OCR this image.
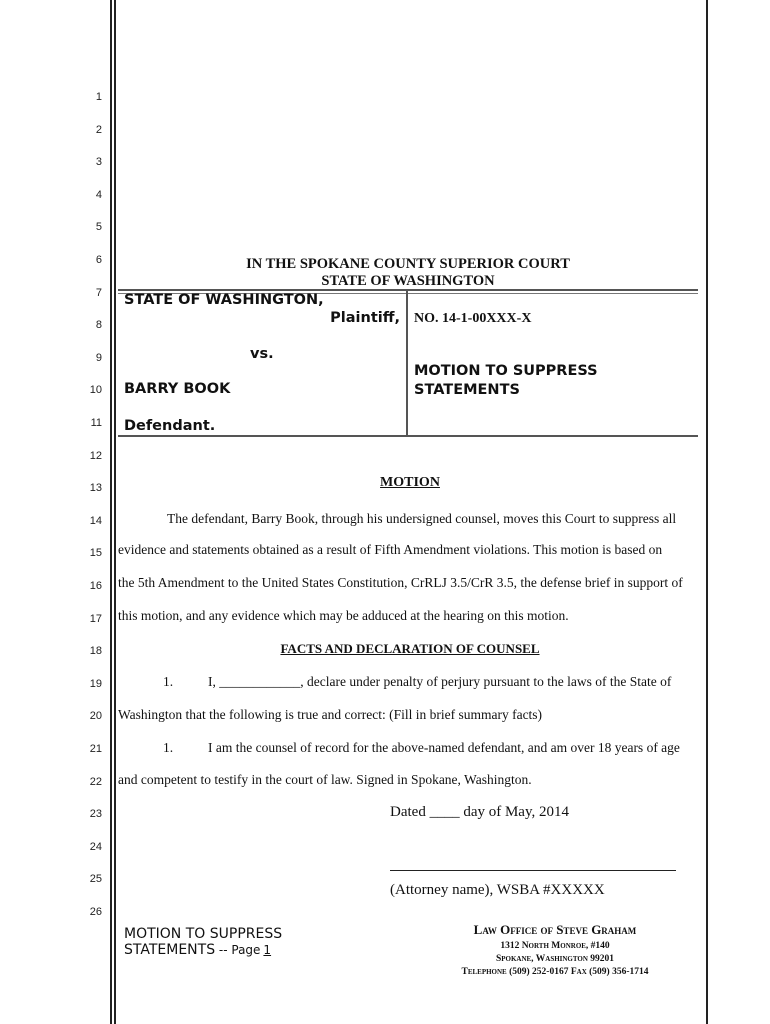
1
2
3
4
5
6
7
8
9
10
11
12
13
14
15
16
17
18
19
20
21
22
23
24
25
26
IN THE SPOKANE COUNTY SUPERIOR COURT
STATE OF WASHINGTON
STATE OF WASHINGTON,
Plaintiff,
vs.
BARRY BOOK
Defendant.
NO. 14-1-00XXX-X
MOTION TO SUPPRESS
STATEMENTS
MOTION
The defendant, Barry Book, through his undersigned counsel, moves this Court to suppress all
evidence and statements obtained as a result of Fifth Amendment violations. This motion is based on
the 5th Amendment to the United States Constitution, CrRLJ 3.5/CrR 3.5, the defense brief in support of
this motion, and any evidence which may be adduced at the hearing on this motion.
FACTS AND DECLARATION OF COUNSEL
1.	I, ____________, declare under penalty of perjury pursuant to the laws of the State of
Washington that the following is true and correct: (Fill in brief summary facts)
1.	I am the counsel of record for the above-named defendant, and am over 18 years of age
and competent to testify in the court of law. Signed in Spokane, Washington.
Dated ____ day of May, 2014
(Attorney name), WSBA #XXXXX
MOTION TO SUPPRESS
STATEMENTS -- Page 1
Law Office of Steve Graham
1312 North Monroe, #140
Spokane, Washington 99201
Telephone (509) 252-0167 Fax (509) 356-1714
